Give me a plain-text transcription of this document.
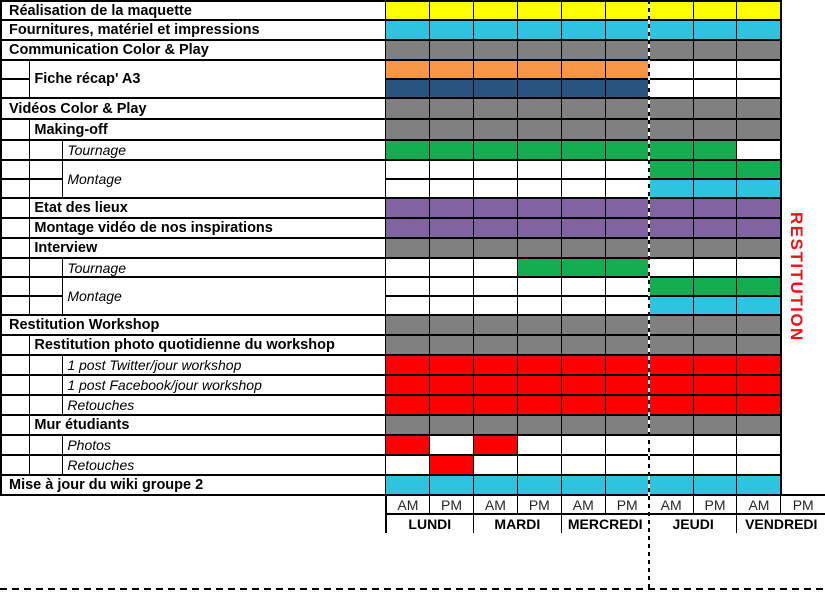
Réalisation de la maquette												
Fournitures, matériel et impressions												
Communication Color & Play												
	Fiche récap' A3											

Vidéos Color & Play												
	Making-off											
		Tournage										
		Montage										

	Etat des lieux											
	Montage vidéo de nos inspirations											
	Interview											
		Tournage										
		Montage										

Restitution Workshop												
	Restitution photo quotidienne du workshop											
		1 post Twitter/jour workshop										
		1 post Facebook/jour workshop										
		Retouches										
	Mur étudiants											
		Photos										
		Retouches										
Mise à jour du wiki groupe 2												
			AM	PM	AM	PM	AM	PM	AM	PM	AM	PM
			LUNDI		MARDI		MERCREDI		JEUDI		VENDREDI	
RESTITUTION
